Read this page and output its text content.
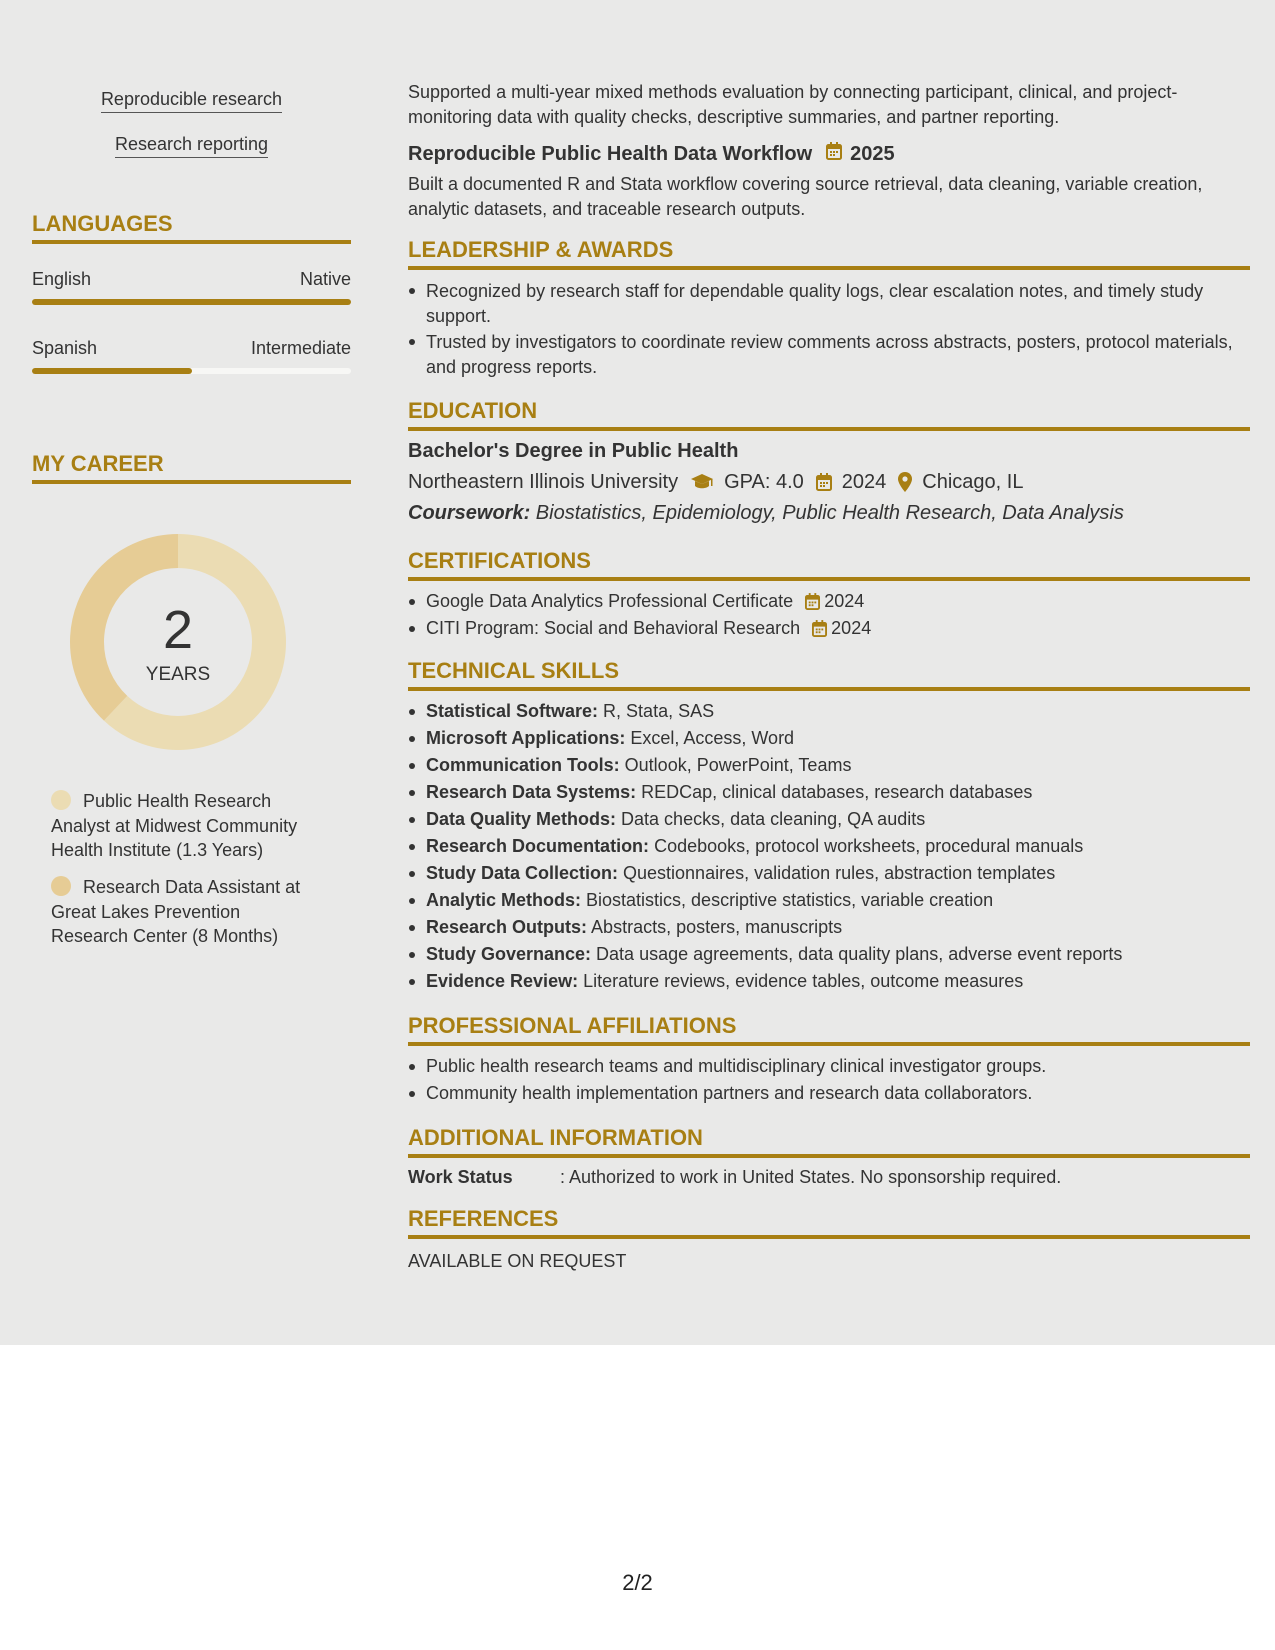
Reproducible research
Research reporting
LANGUAGES
English	Native
Spanish	Intermediate
MY CAREER
2
YEARS
Public Health Research Analyst at Midwest Community Health Institute (1.3 Years)
Research Data Assistant at Great Lakes Prevention Research Center (8 Months)
Supported a multi-year mixed methods evaluation by connecting participant, clinical, and project-monitoring data with quality checks, descriptive summaries, and partner reporting.
Reproducible Public Health Data Workflow 2025
Built a documented R and Stata workflow covering source retrieval, data cleaning, variable creation, analytic datasets, and traceable research outputs.
LEADERSHIP & AWARDS
Recognized by research staff for dependable quality logs, clear escalation notes, and timely study support.
Trusted by investigators to coordinate review comments across abstracts, posters, protocol materials, and progress reports.
EDUCATION
Bachelor's Degree in Public Health
Northeastern Illinois University GPA: 4.0 2024 Chicago, IL
Coursework: Biostatistics, Epidemiology, Public Health Research, Data Analysis
CERTIFICATIONS
Google Data Analytics Professional Certificate 2024
CITI Program: Social and Behavioral Research 2024
TECHNICAL SKILLS
Statistical Software: R, Stata, SAS
Microsoft Applications: Excel, Access, Word
Communication Tools: Outlook, PowerPoint, Teams
Research Data Systems: REDCap, clinical databases, research databases
Data Quality Methods: Data checks, data cleaning, QA audits
Research Documentation: Codebooks, protocol worksheets, procedural manuals
Study Data Collection: Questionnaires, validation rules, abstraction templates
Analytic Methods: Biostatistics, descriptive statistics, variable creation
Research Outputs: Abstracts, posters, manuscripts
Study Governance: Data usage agreements, data quality plans, adverse event reports
Evidence Review: Literature reviews, evidence tables, outcome measures
PROFESSIONAL AFFILIATIONS
Public health research teams and multidisciplinary clinical investigator groups.
Community health implementation partners and research data collaborators.
ADDITIONAL INFORMATION
Work Status	: Authorized to work in United States. No sponsorship required.
REFERENCES
AVAILABLE ON REQUEST
2/2
